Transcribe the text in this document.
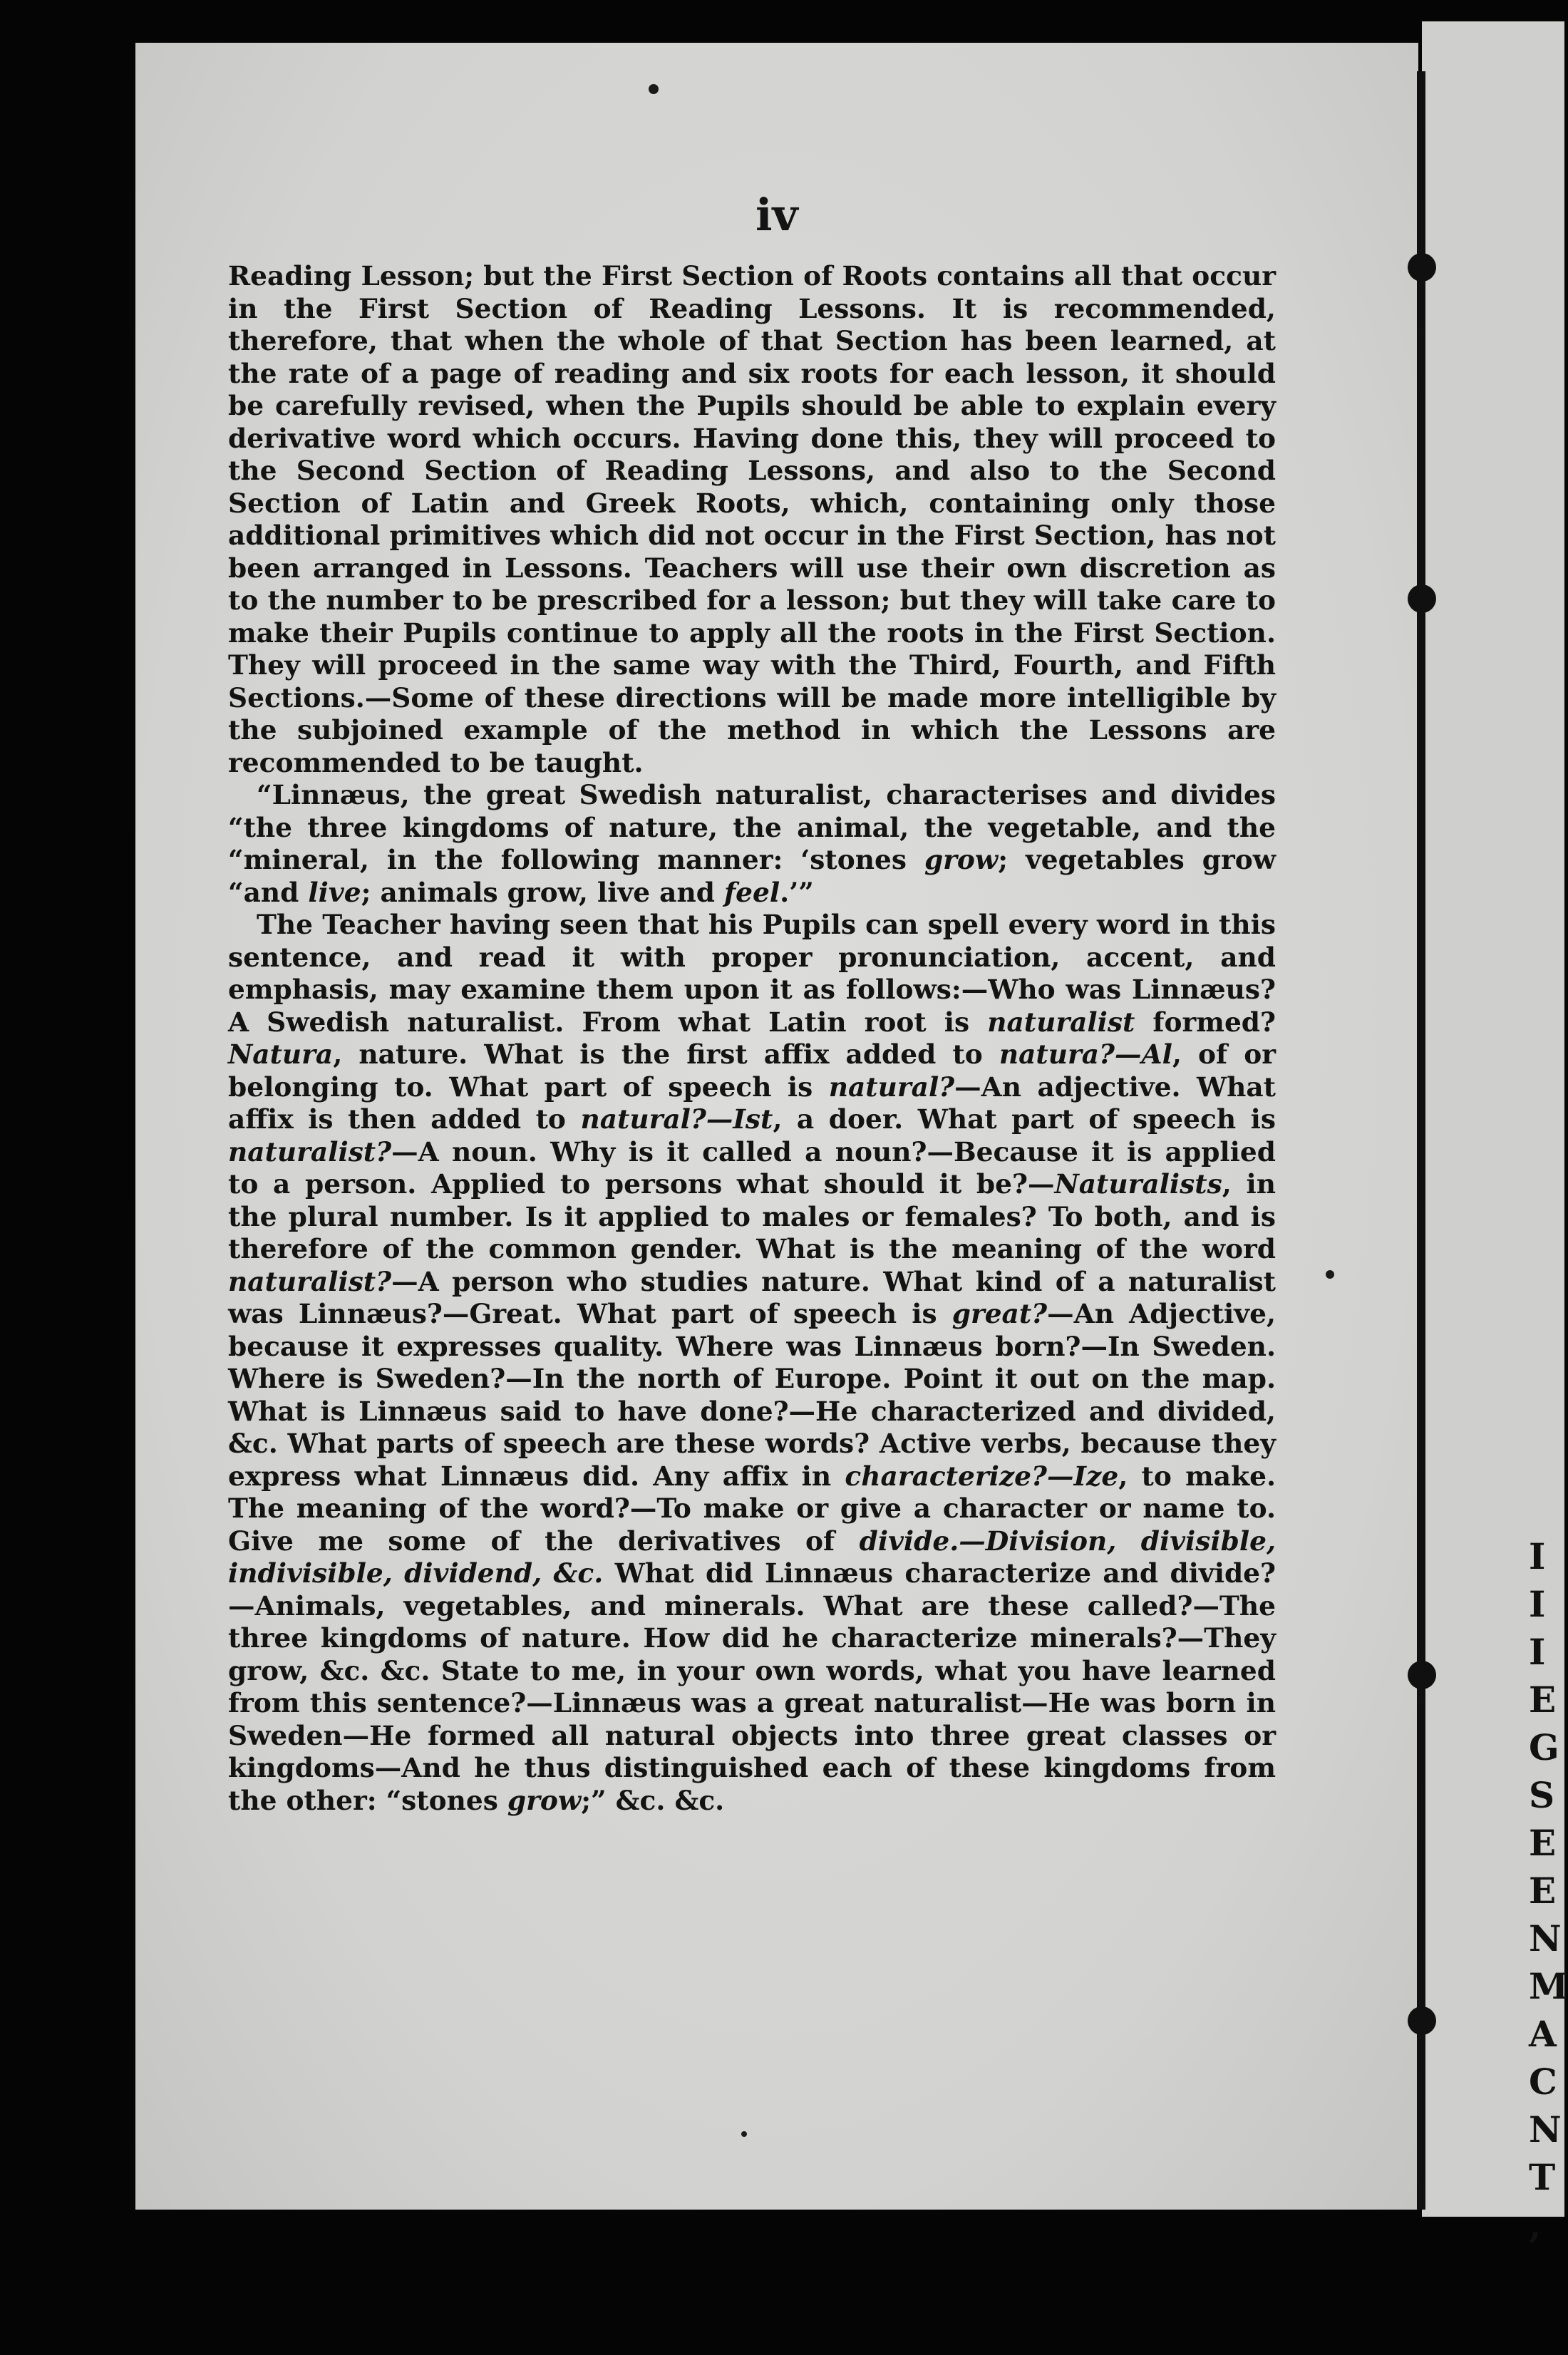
I
I
I
E
G
S
E
E
N
M
A
C
N
T
,
iv

Reading Lesson; but the First Section of Roots contains all that occur in the First Section of Reading Lessons. It is recommended, therefore, that when the whole of that Section has been learned, at the rate of a page of reading and six roots for each lesson, it should be carefully revised, when the Pupils should be able to explain every derivative word which occurs. Having done this, they will proceed to the Second Section of Reading Lessons, and also to the Second Section of Latin and Greek Roots, which, containing only those additional primitives which did not occur in the First Section, has not been arranged in Lessons. Teachers will use their own discretion as to the number to be prescribed for a lesson; but they will take care to make their Pupils continue to apply all the roots in the First Section. They will proceed in the same way with the Third, Fourth, and Fifth Sections.—Some of these directions will be made more intelligible by the subjoined example of the method in which the Lessons are recommended to be taught.

“Linnæus, the great Swedish naturalist, characterises and divides “the three kingdoms of nature, the animal, the vegetable, and the “mineral, in the following manner: ‘stones grow; vegetables grow “and live; animals grow, live and feel.’”

The Teacher having seen that his Pupils can spell every word in this sentence, and read it with proper pronunciation, accent, and emphasis, may examine them upon it as follows:—Who was Linnæus? A Swedish naturalist. From what Latin root is naturalist formed? Natura, nature. What is the first affix added to natura?—Al, of or belonging to. What part of speech is natural?—An adjective. What affix is then added to natural?—Ist, a doer. What part of speech is naturalist?—A noun. Why is it called a noun?—Because it is applied to a person. Applied to persons what should it be?—Naturalists, in the plural number. Is it applied to males or females? To both, and is therefore of the common gender. What is the meaning of the word naturalist?—A person who studies nature. What kind of a naturalist was Linnæus?—Great. What part of speech is great?—An Adjective, because it expresses quality. Where was Linnæus born?—In Sweden. Where is Sweden?—In the north of Europe. Point it out on the map. What is Linnæus said to have done?—He characterized and divided, &c. What parts of speech are these words? Active verbs, because they express what Linnæus did. Any affix in characterize?—Ize, to make. The meaning of the word?—To make or give a character or name to. Give me some of the derivatives of divide.—Division, divisible, indivisible, dividend, &c. What did Linnæus characterize and divide?—Animals, vegetables, and minerals. What are these called?—The three kingdoms of nature. How did he characterize minerals?—They grow, &c. &c. State to me, in your own words, what you have learned from this sentence?—Linnæus was a great naturalist—He was born in Sweden—He formed all natural objects into three great classes or kingdoms—And he thus distinguished each of these kingdoms from the other: “stones grow;” &c. &c.
